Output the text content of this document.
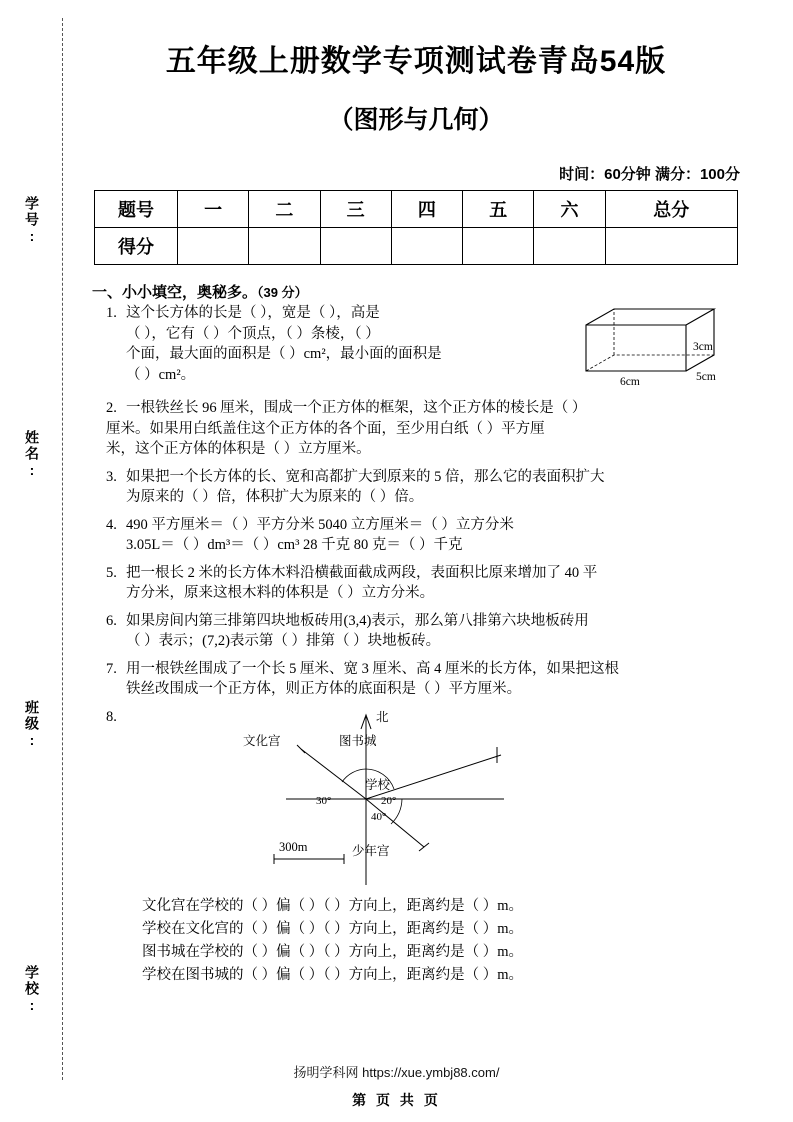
学号:
姓名:
班级:
学校:
五年级上册数学专项测试卷青岛54版
（图形与几何）
时间：60分钟 满分：100分
题号	一	二	三	四	五	六	总分
得分							
一、小小填空，奥秘多。（39 分）
1. 这个长方体的长是（ ），宽是（ ），高是

（ ），它有（ ）个顶点，（ ）条棱，（ ）

个面，最大面的面积是（ ）cm²，最小面的面积是

（ ）cm²。

3cm
6cm	5cm
2. 一根铁丝长 96 厘米，围成一个正方体的框架，这个正方体的棱长是（ ）

厘米。如果用白纸盖住这个正方体的各个面，至少用白纸（ ）平方厘

米，这个正方体的体积是（ ）立方厘米。

3. 如果把一个长方体的长、宽和高都扩大到原来的 5 倍，那么它的表面积扩大

为原来的（ ）倍，体积扩大为原来的（ ）倍。

4. 490 平方厘米＝（ ）平方分米 5040 立方厘米＝（ ）立方分米

3.05L＝（ ）dm³＝（ ）cm³ 28 千克 80 克＝（ ）千克

5. 把一根长 2 米的长方体木料沿横截面截成两段，表面积比原来增加了 40 平

方分米，原来这根木料的体积是（ ）立方分米。

6. 如果房间内第三排第四块地板砖用(3,4)表示，那么第八排第六块地板砖用

（ ）表示；(7,2)表示第（ ）排第（ ）块地板砖。

7. 用一根铁丝围成了一个长 5 厘米、宽 3 厘米、高 4 厘米的长方体，如果把这根

铁丝改围成一个正方体，则正方体的底面积是（ ）平方厘米。

8.	北
文化宫	图书城
学校
少年宫
300m
30°	20°
40°
文化宫在学校的（ ）偏（ ）（ ）方向上，距离约是（ ）m。
学校在文化宫的（ ）偏（ ）（ ）方向上，距离约是（ ）m。
图书城在学校的（ ）偏（ ）（ ）方向上，距离约是（ ）m。
学校在图书城的（ ）偏（ ）（ ）方向上，距离约是（ ）m。
扬明学科网 https://xue.ymbj88.com/
第 页 共 页
